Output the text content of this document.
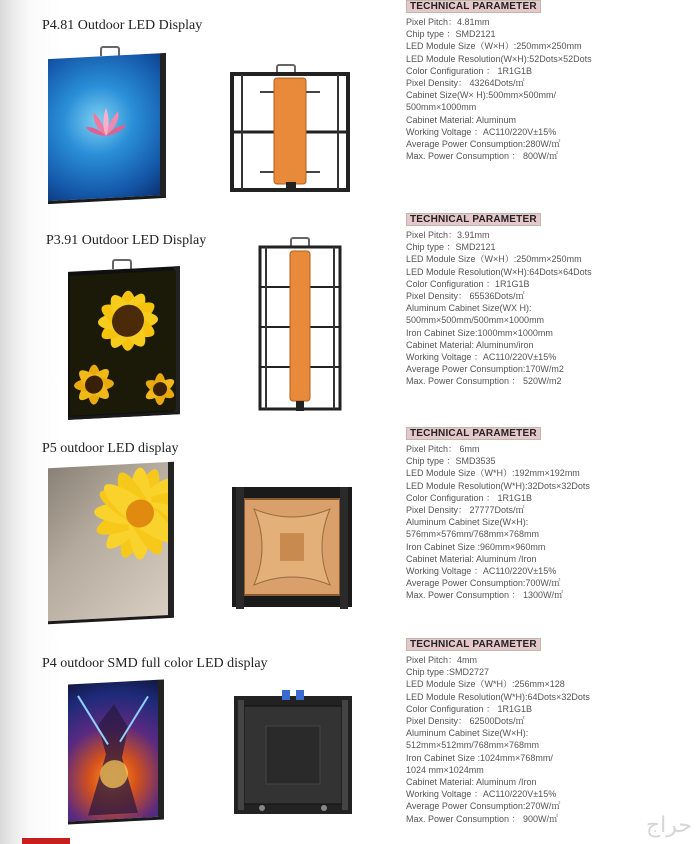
P4.81 Outdoor LED Display
TECHNICAL PARAMETER
Pixel Pitch：4.81mm
Chip type ：SMD2121
LED Module Size（W×H）:250mm×250mm
LED Module Resolution(W×H):52Dots×52Dots
Color Configuration ： 1R1G1B
Pixel Density： 43264Dots/㎡
Cabinet Size(W× H):500mm×500mm/
500mm×1000mm
Cabinet Material: Aluminum
Working Voltage ：AC110/220V±15%
Average Power Consumption:280W/㎡
Max. Power Consumption ： 800W/㎡
P3.91 Outdoor LED Display
TECHNICAL PARAMETER
Pixel Pitch：3.91mm
Chip type ：SMD2121
LED Module Size（W×H）:250mm×250mm
LED Module Resolution(W×H):64Dots×64Dots
Color Configuration ：1R1G1B
Pixel Density： 65536Dots/㎡
Aluminum Cabinet Size(WX H):
500mm×500mm/500mm×1000mm
Iron Cabinet Size:1000mm×1000mm
Cabinet Material: Aluminum/iron
Working Voltage ：AC110/220V±15%
Average Power Consumption:170W/m2
Max. Power Consumption ： 520W/m2
P5 outdoor LED display
TECHNICAL PARAMETER
Pixel Pitch： 6mm
Chip type ：SMD3535
LED Module Size（W*H）:192mm×192mm
LED Module Resolution(W*H):32Dots×32Dots
Color Configuration ： 1R1G1B
Pixel Density： 27777Dots/㎡
Aluminum Cabinet Size(W×H):
576mm×576mm/768mm×768mm
Iron Cabinet Size :960mm×960mm
Cabinet Material: Aluminum /Iron
Working Voltage ：AC110/220V±15%
Average Power Consumption:700W/㎡
Max. Power Consumption ： 1300W/㎡
P4 outdoor SMD full color LED display
TECHNICAL PARAMETER
Pixel Pitch：4mm
Chip type :SMD2727
LED Module Size（W*H）:256mm×128
LED Module Resolution(W*H):64Dots×32Dots
Color Configuration ： 1R1G1B
Pixel Density： 62500Dots/㎡
Aluminum Cabinet Size(W×H):
512mm×512mm/768mm×768mm
Iron Cabinet Size :1024mm×768mm/
1024 mm×1024mm
Cabinet Material: Aluminum /Iron
Working Voltage ：AC110/220V±15%
Average Power Consumption:270W/㎡
Max. Power Consumption ： 900W/㎡	حراج
